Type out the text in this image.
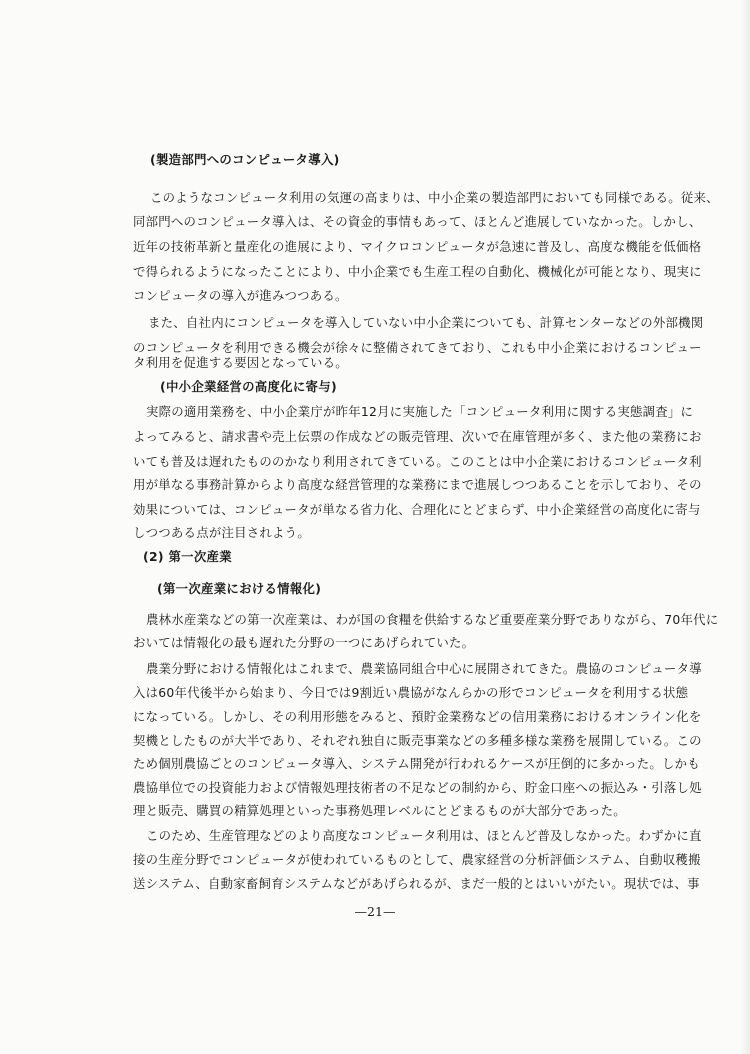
(製造部門へのコンピュータ導入)
このようなコンピュータ利用の気運の高まりは、中小企業の製造部門においても同様である。従来、
同部門へのコンピュータ導入は、その資金的事情もあって、ほとんど進展していなかった。しかし、
近年の技術革新と量産化の進展により、マイクロコンピュータが急速に普及し、高度な機能を低価格
で得られるようになったことにより、中小企業でも生産工程の自動化、機械化が可能となり、現実に
コンピュータの導入が進みつつある。
また、自社内にコンピュータを導入していない中小企業についても、計算センターなどの外部機関
のコンピュータを利用できる機会が徐々に整備されてきており、これも中小企業におけるコンピュー
タ利用を促進する要因となっている。
(中小企業経営の高度化に寄与)
実際の適用業務を、中小企業庁が昨年12月に実施した「コンピュータ利用に関する実態調査」に
よってみると、請求書や売上伝票の作成などの販売管理、次いで在庫管理が多く、また他の業務にお
いても普及は遅れたもののかなり利用されてきている。このことは中小企業におけるコンピュータ利
用が単なる事務計算からより高度な経営管理的な業務にまで進展しつつあることを示しており、その
効果については、コンピュータが単なる省力化、合理化にとどまらず、中小企業経営の高度化に寄与
しつつある点が注目されよう。
(2) 第一次産業
(第一次産業における情報化)
農林水産業などの第一次産業は、わが国の食糧を供給するなど重要産業分野でありながら、70年代に
おいては情報化の最も遅れた分野の一つにあげられていた。
農業分野における情報化はこれまで、農業協同組合中心に展開されてきた。農協のコンピュータ導
入は60年代後半から始まり、今日では9割近い農協がなんらかの形でコンピュータを利用する状態
になっている。しかし、その利用形態をみると、預貯金業務などの信用業務におけるオンライン化を
契機としたものが大半であり、それぞれ独自に販売事業などの多種多様な業務を展開している。この
ため個別農協ごとのコンピュータ導入、システム開発が行われるケースが圧倒的に多かった。しかも
農協単位での投資能力および情報処理技術者の不足などの制約から、貯金口座への振込み・引落し処
理と販売、購買の精算処理といった事務処理レベルにとどまるものが大部分であった。
このため、生産管理などのより高度なコンピュータ利用は、ほとんど普及しなかった。わずかに直
接の生産分野でコンピュータが使われているものとして、農家経営の分析評価システム、自動収穫搬
送システム、自動家畜飼育システムなどがあげられるが、まだ一般的とはいいがたい。現状では、事
—21—
